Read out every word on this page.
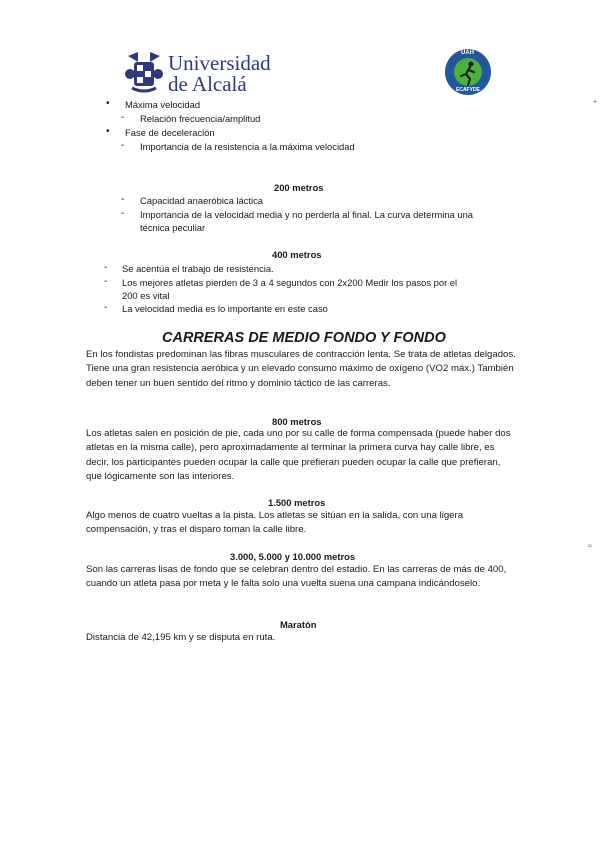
Universidad
de Alcalá
UAH
ECAFYDE
+
≈
• Máxima velocidad
- Relación frecuencia/amplitud
• Fase de deceleración
- Importancia de la resistencia a la máxima velocidad
200 metros
- Capacidad anaeróbica láctica
- Importancia de la velocidad media y no perderla al final. La curva determina una
técnica peculiar
400 metros
- Se acentúa el trabajo de resistencia.
- Los mejores atletas pierden de 3 a 4 segundos con 2x200 Medir los pasos por el
200 es vital
- La velocidad media es lo importante en este caso
CARRERAS DE MEDIO FONDO Y FONDO
En los fondistas predominan las fibras musculares de contracción lenta. Se trata de atletas delgados. Tiene una gran resistencia aeróbica y un elevado consumo máximo de oxígeno (VO2 máx.) También deben tener un buen sentido del ritmo y dominio táctico de las carreras.
800 metros
Los atletas salen en posición de pie, cada uno por su calle de forma compensada (puede haber dos atletas en la misma calle), pero aproximadamente al terminar la primera curva hay calle libre, es decir, los participantes pueden ocupar la calle que prefieran pueden ocupar la calle que prefieran, que lógicamente son las interiores.
1.500 metros
Algo menos de cuatro vueltas a la pista. Los atletas se sitúan en la salida, con una ligera compensación, y tras el disparo toman la calle libre.
3.000, 5.000 y 10.000 metros
Son las carreras lisas de fondo que se celebran dentro del estadio. En las carreras de más de 400, cuando un atleta pasa por meta y le falta solo una vuelta suena una campana indicándoselo.
Maratón
Distancia de 42,195 km y se disputa en ruta.
